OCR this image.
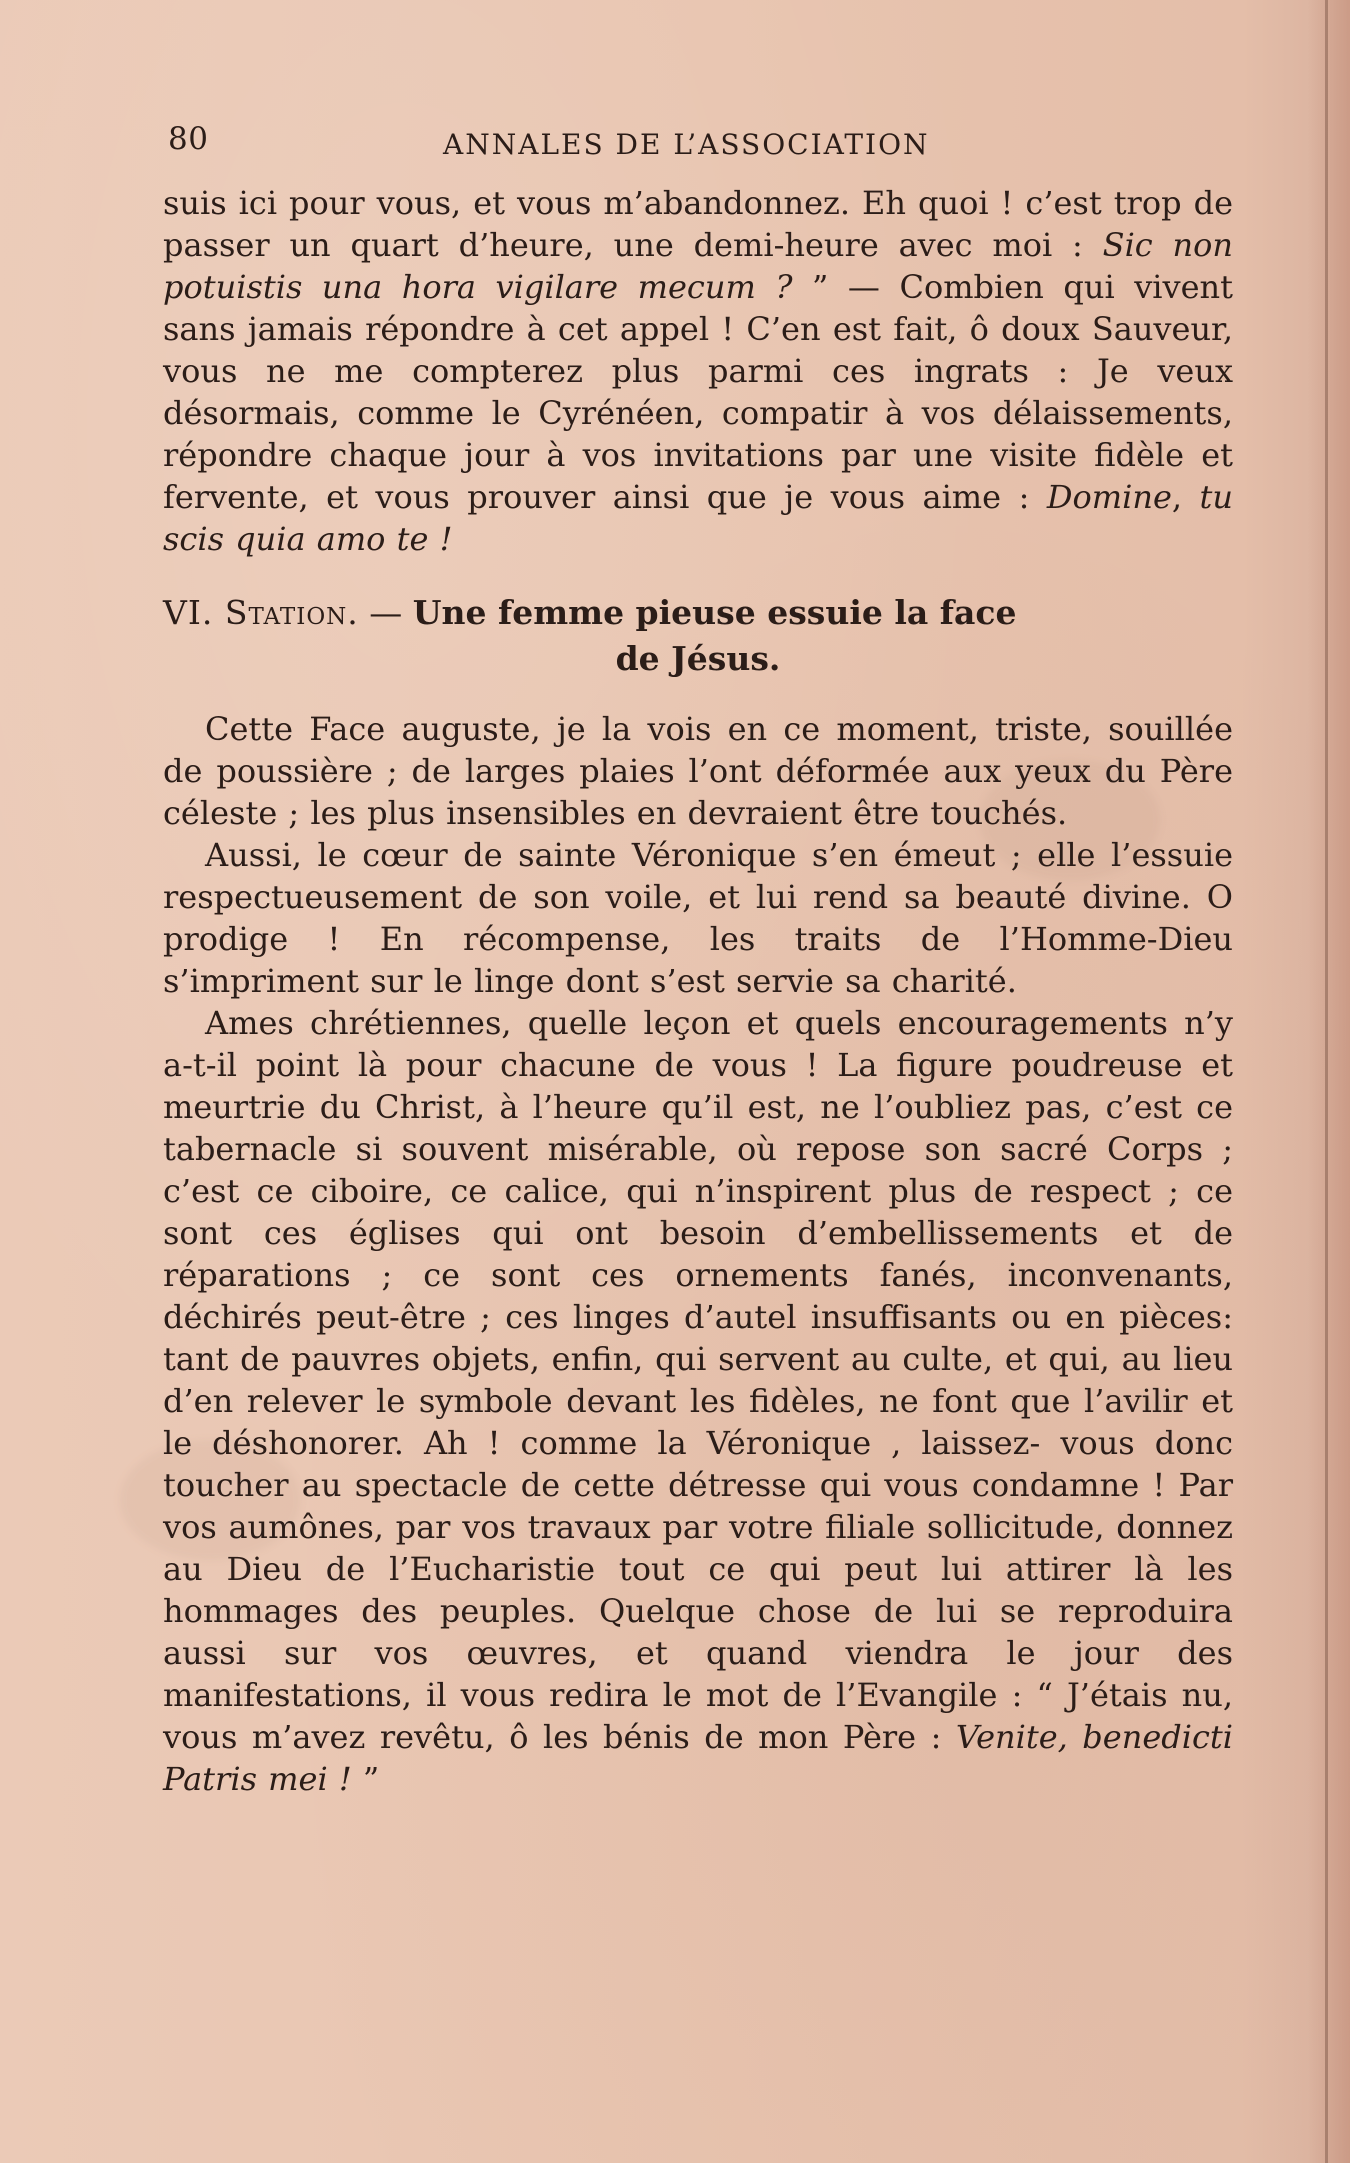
80	ANNALES DE L’ASSOCIATION

suis ici pour vous, et vous m’abandonnez. Eh quoi ! c’est trop de passer un quart d’heure, une demi-heure avec moi : Sic non potuistis una hora vigilare mecum ? ” — Combien qui vivent sans jamais répondre à cet appel ! C’en est fait, ô doux Sauveur, vous ne me compterez plus parmi ces ingrats : Je veux désormais, comme le Cyrénéen, compatir à vos délaissements, répondre chaque jour à vos invitations par une visite fidèle et fervente, et vous prouver ainsi que je vous aime : Domine, tu scis quia amo te !

VI. Station. — Une femme pieuse essuie la face
de Jésus.

Cette Face auguste, je la vois en ce moment, triste, souillée de poussière ; de larges plaies l’ont déformée aux yeux du Père céleste ; les plus insensibles en devraient être touchés.

Aussi, le cœur de sainte Véronique s’en émeut ; elle l’essuie respectueusement de son voile, et lui rend sa beauté divine. O prodige ! En récompense, les traits de l’Homme-Dieu s’impriment sur le linge dont s’est servie sa charité.

Ames chrétiennes, quelle leçon et quels encouragements n’y a-t-il point là pour chacune de vous ! La figure poudreuse et meurtrie du Christ, à l’heure qu’il est, ne l’oubliez pas, c’est ce tabernacle si souvent misérable, où repose son sacré Corps ; c’est ce ciboire, ce calice, qui n’inspirent plus de respect ; ce sont ces églises qui ont besoin d’embellissements et de réparations ; ce sont ces ornements fanés, inconvenants, déchirés peut-être ; ces linges d’autel insuffisants ou en pièces: tant de pauvres objets, enfin, qui servent au culte, et qui, au lieu d’en relever le symbole devant les fidèles, ne font que l’avilir et le déshonorer. Ah ! comme la Véronique , laissez- vous donc toucher au spectacle de cette détresse qui vous condamne ! Par vos aumônes, par vos travaux par votre filiale sollicitude, donnez au Dieu de l’Eucharistie tout ce qui peut lui attirer là les hommages des peuples. Quelque chose de lui se reproduira aussi sur vos œuvres, et quand viendra le jour des manifestations, il vous redira le mot de l’Evangile : “ J’étais nu, vous m’avez revêtu, ô les bénis de mon Père : Venite, benedicti Patris mei ! ”
